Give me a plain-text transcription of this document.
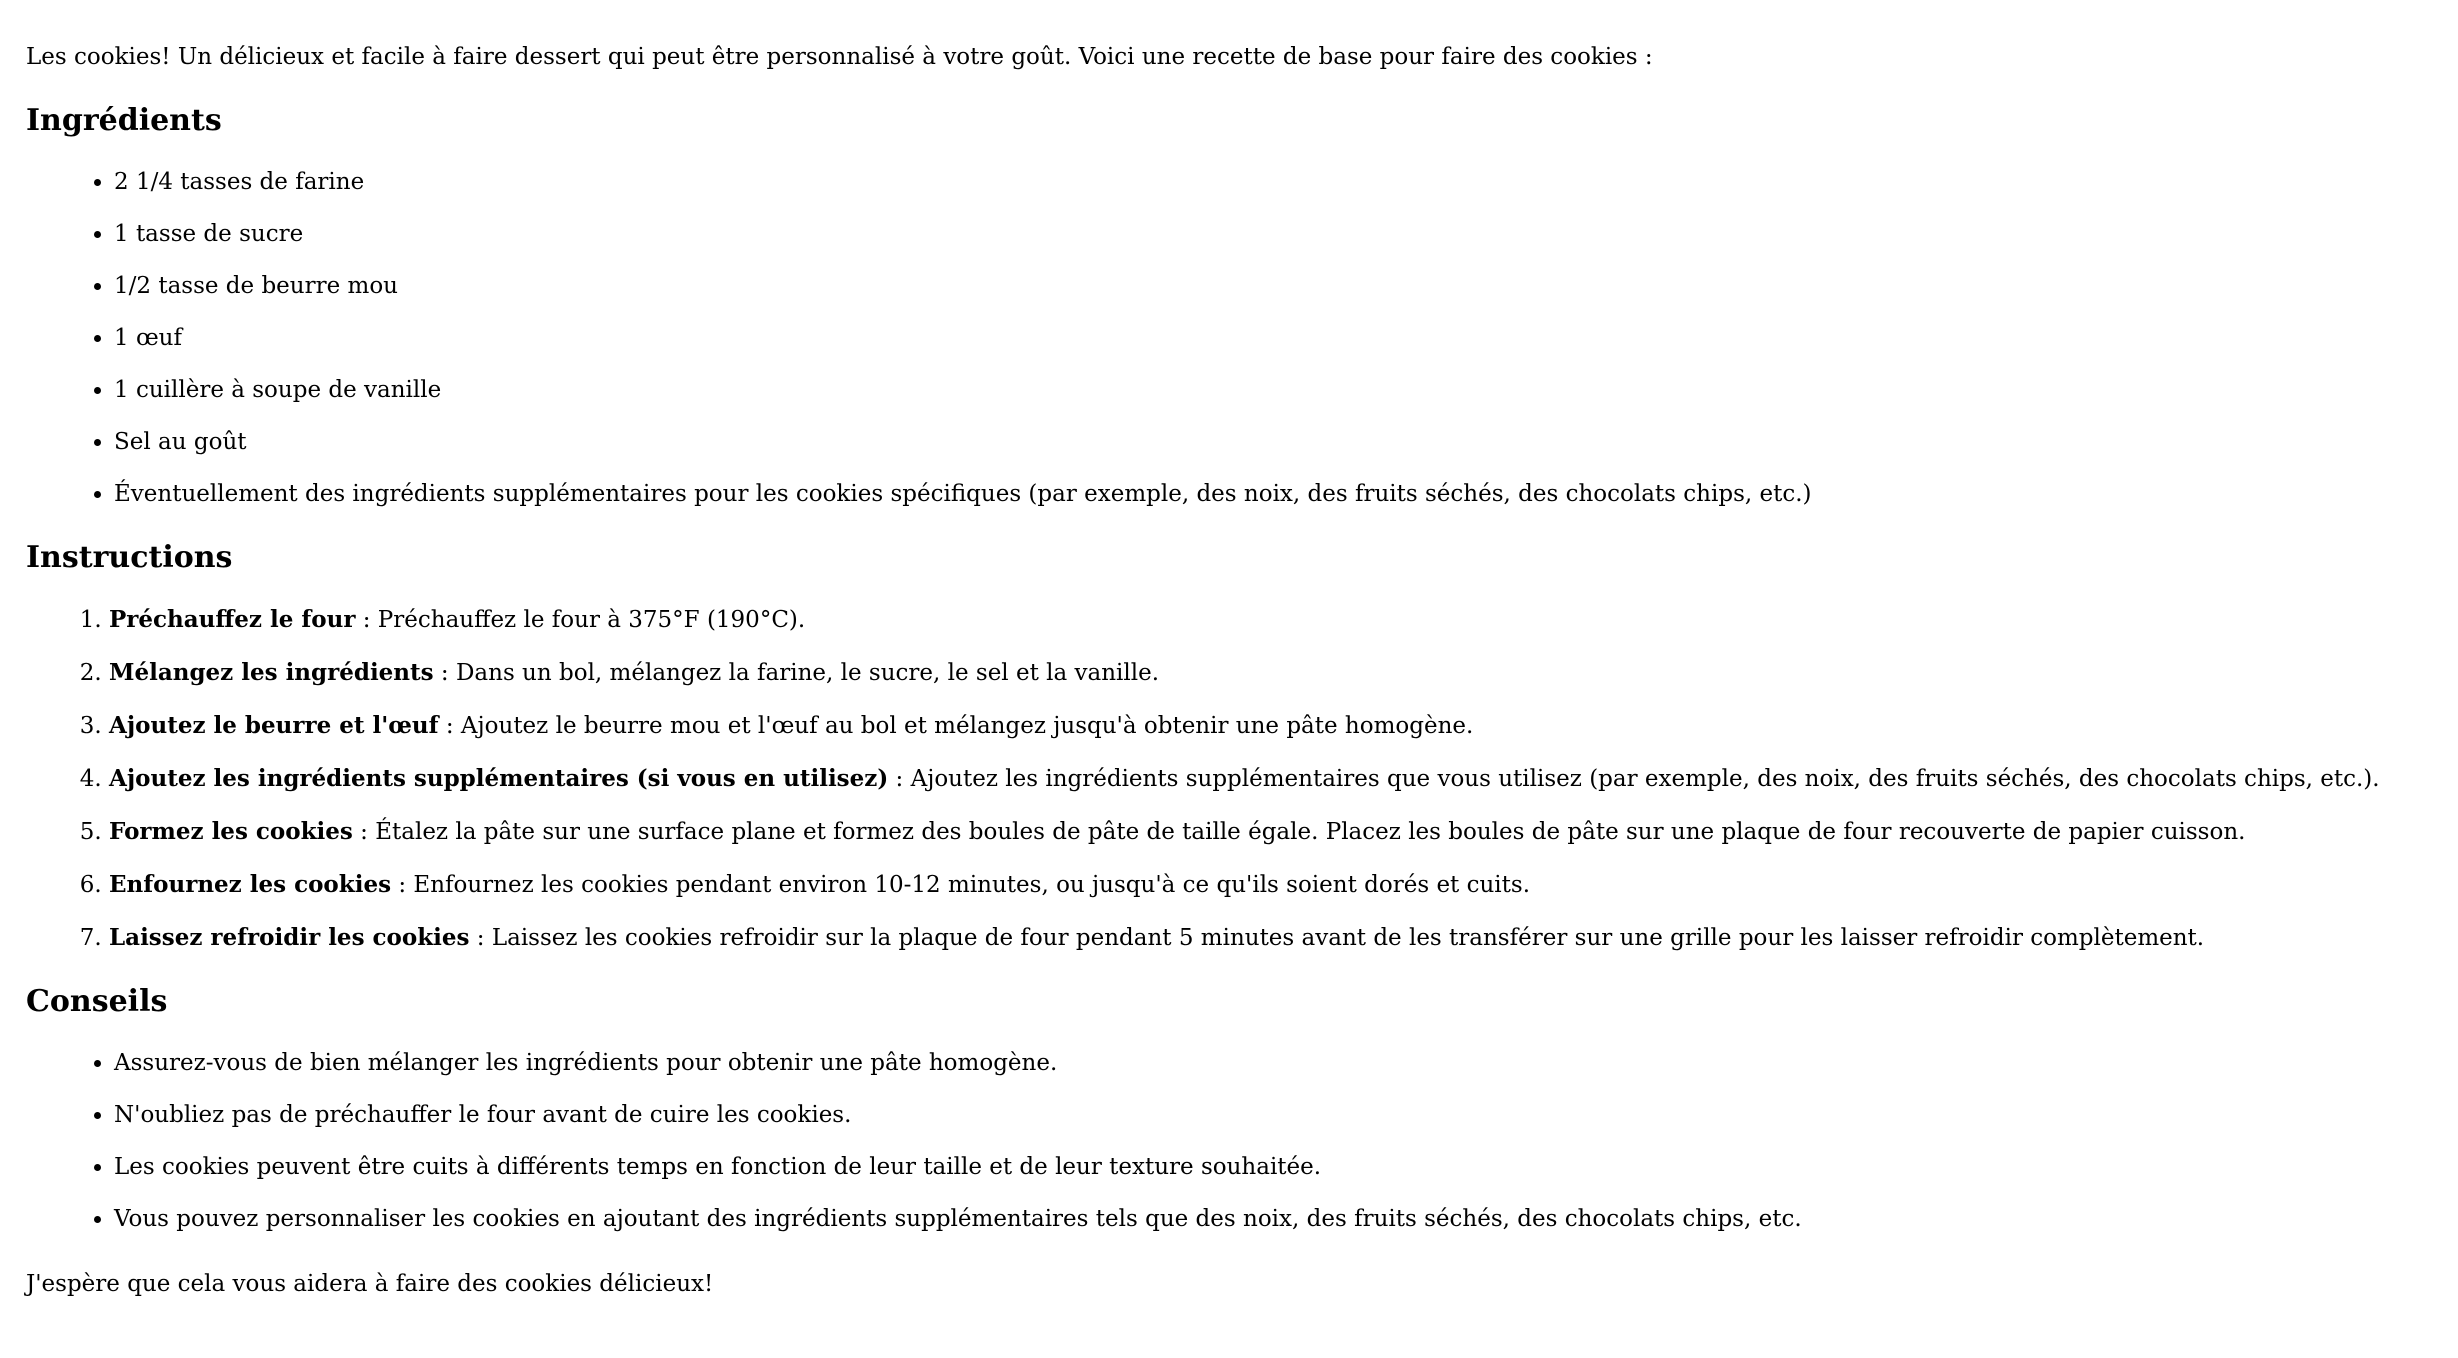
Les cookies! Un délicieux et facile à faire dessert qui peut être personnalisé à votre goût. Voici une recette de base pour faire des cookies :

Ingrédients
• 2 1/4 tasses de farine
• 1 tasse de sucre
• 1/2 tasse de beurre mou
• 1 œuf
• 1 cuillère à soupe de vanille
• Sel au goût
• Éventuellement des ingrédients supplémentaires pour les cookies spécifiques (par exemple, des noix, des fruits séchés, des chocolats chips, etc.)
Instructions
1. Préchauffez le four : Préchauffez le four à 375°F (190°C).
2. Mélangez les ingrédients : Dans un bol, mélangez la farine, le sucre, le sel et la vanille.
3. Ajoutez le beurre et l'œuf : Ajoutez le beurre mou et l'œuf au bol et mélangez jusqu'à obtenir une pâte homogène.
4. Ajoutez les ingrédients supplémentaires (si vous en utilisez) : Ajoutez les ingrédients supplémentaires que vous utilisez (par exemple, des noix, des fruits séchés, des chocolats chips, etc.).
5. Formez les cookies : Étalez la pâte sur une surface plane et formez des boules de pâte de taille égale. Placez les boules de pâte sur une plaque de four recouverte de papier cuisson.
6. Enfournez les cookies : Enfournez les cookies pendant environ 10-12 minutes, ou jusqu'à ce qu'ils soient dorés et cuits.
7. Laissez refroidir les cookies : Laissez les cookies refroidir sur la plaque de four pendant 5 minutes avant de les transférer sur une grille pour les laisser refroidir complètement.
Conseils
• Assurez-vous de bien mélanger les ingrédients pour obtenir une pâte homogène.
• N'oubliez pas de préchauffer le four avant de cuire les cookies.
• Les cookies peuvent être cuits à différents temps en fonction de leur taille et de leur texture souhaitée.
• Vous pouvez personnaliser les cookies en ajoutant des ingrédients supplémentaires tels que des noix, des fruits séchés, des chocolats chips, etc.

J'espère que cela vous aidera à faire des cookies délicieux!
